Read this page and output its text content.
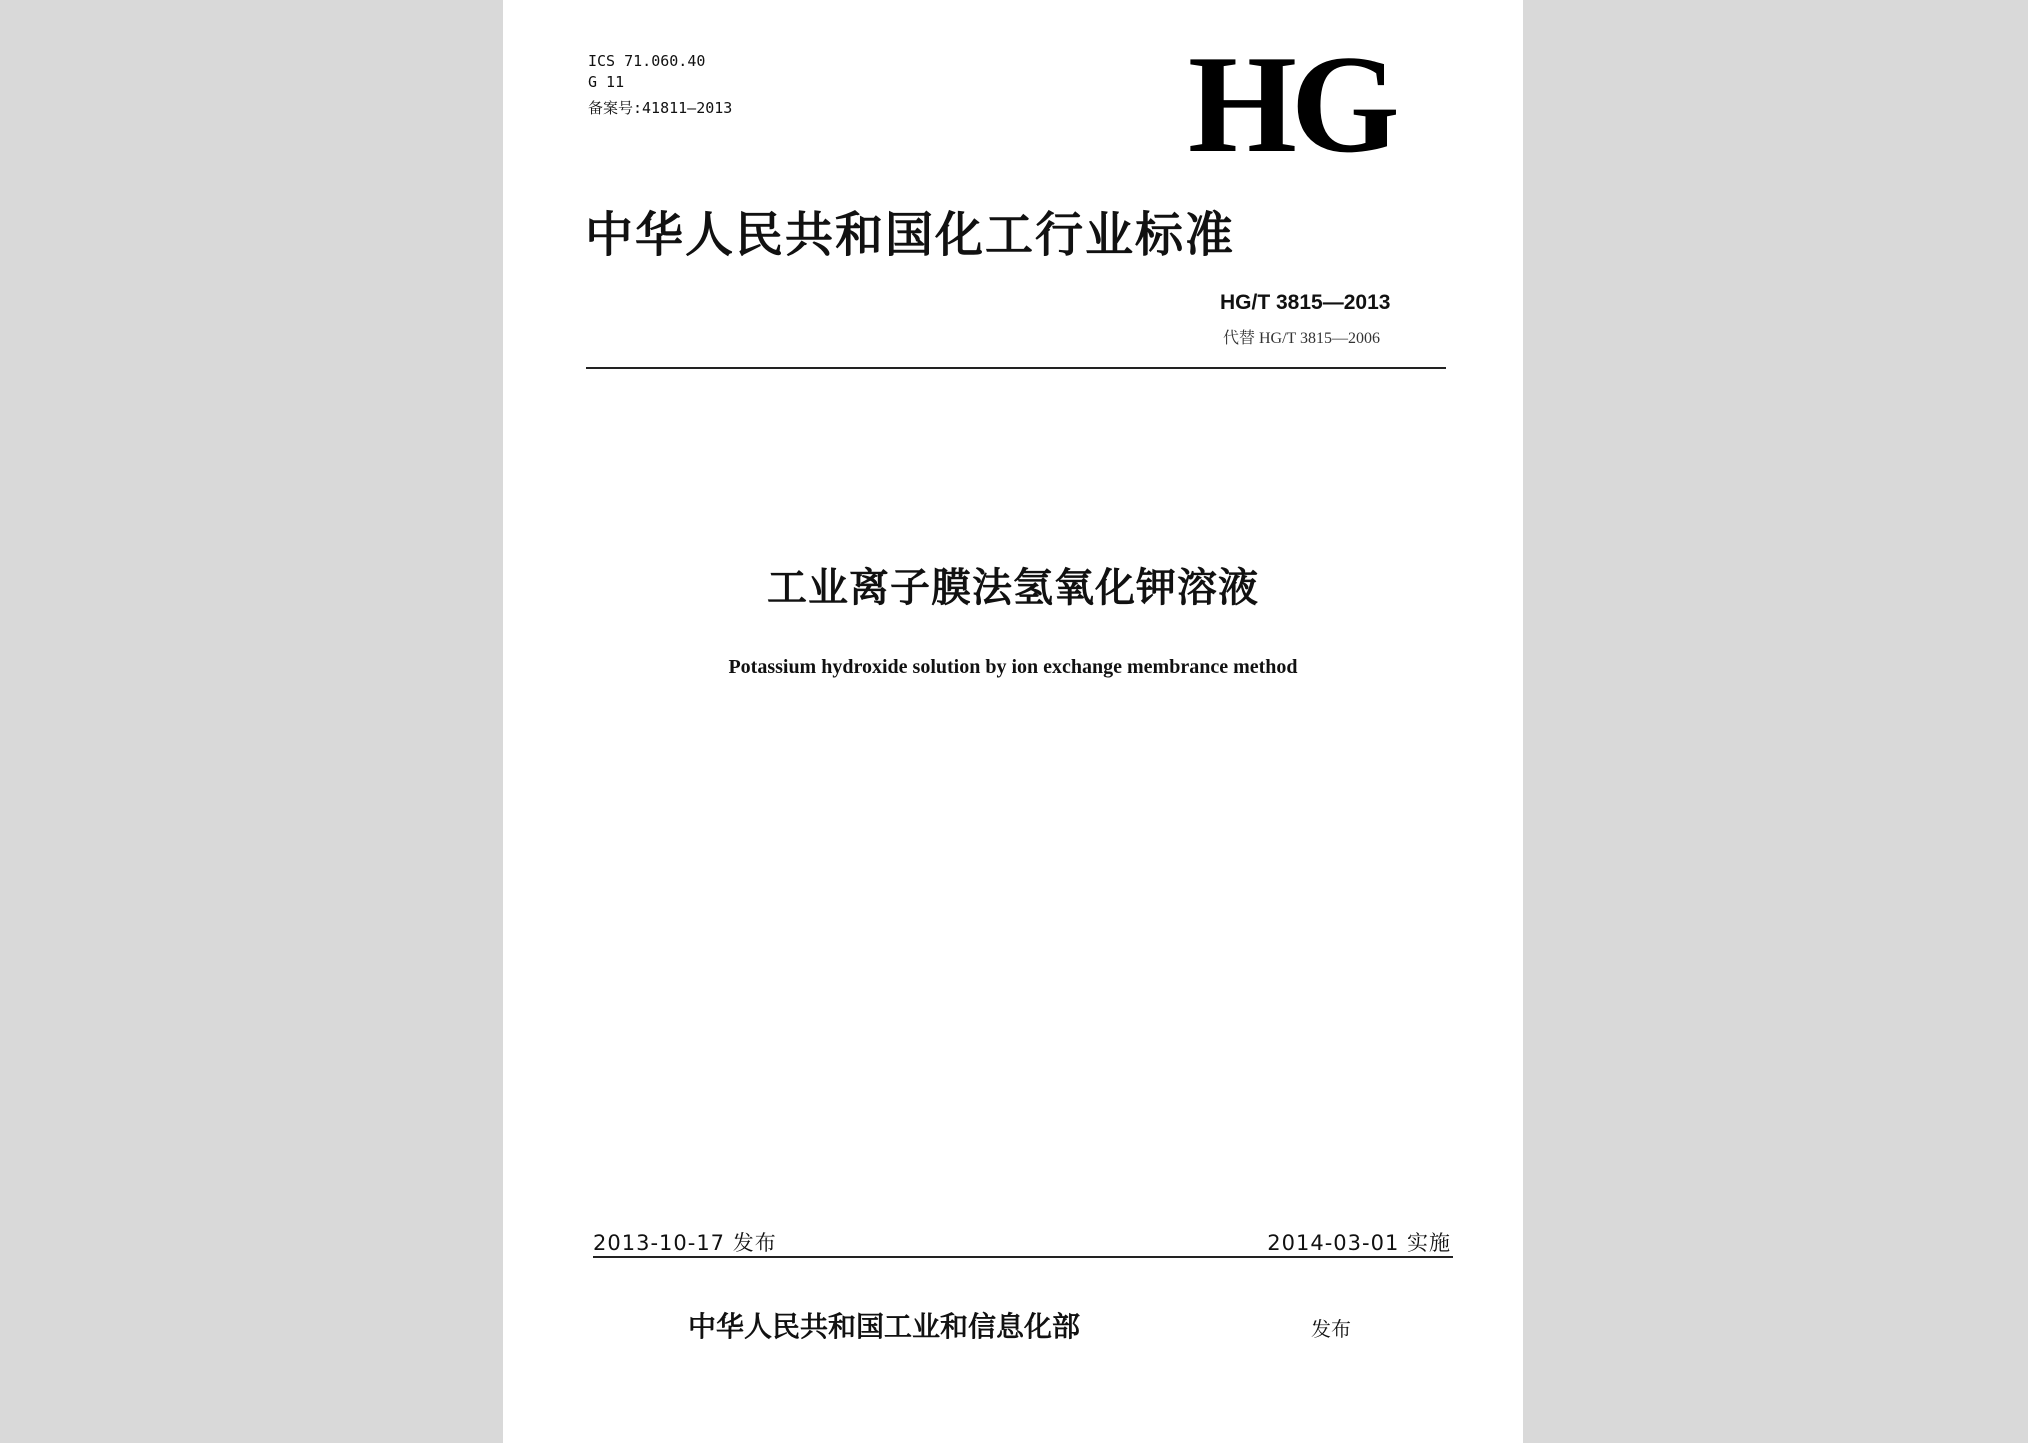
ICS 71.060.40
G 11
备案号:41811—2013	HG
中华人民共和国化工行业标准
HG/T 3815—2013
代替 HG/T 3815—2006
工业离子膜法氢氧化钾溶液
Potassium hydroxide solution by ion exchange membrance method
2013-10-17 发布	2014-03-01 实施
中华人民共和国工业和信息化部	发布
